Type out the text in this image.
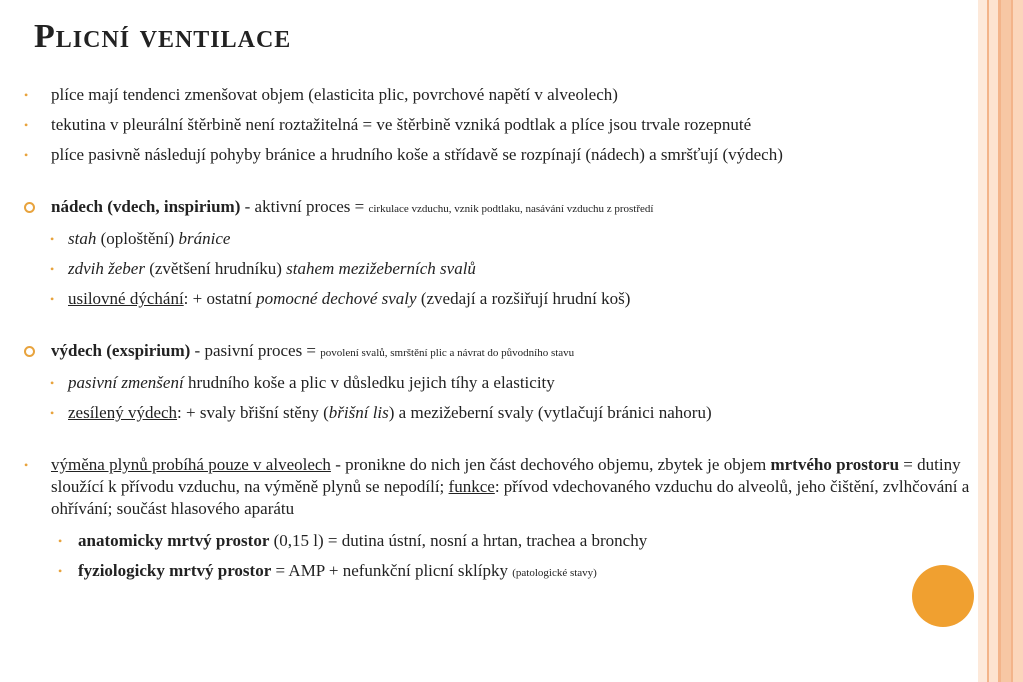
Plicní ventilace
• plíce mají tendenci zmenšovat objem (elasticita plic, povrchové napětí v alveolech)
• tekutina v pleurální štěrbině není roztažitelná = ve štěrbině vzniká podtlak a plíce jsou trvale rozepnuté
• plíce pasivně následují pohyby bránice a hrudního koše a střídavě se rozpínají (nádech) a smršťují (výdech)
nádech (vdech, inspirium) - aktivní proces = cirkulace vzduchu, vznik podtlaku, nasávání vzduchu z prostředí
• stah (oploštění) bránice
• zdvih žeber (zvětšení hrudníku) stahem mezižeberních svalů
• usilovné dýchání: + ostatní pomocné dechové svaly (zvedají a rozšiřují hrudní koš)
výdech (exspirium) - pasivní proces = povolení svalů, smrštění plic a návrat do původního stavu
• pasivní zmenšení hrudního koše a plic v důsledku jejich tíhy a elasticity
• zesílený výdech: + svaly břišní stěny (břišní lis) a mezižeberní svaly (vytlačují bránici nahoru)
• výměna plynů probíhá pouze v alveolech - pronikne do nich jen část dechového objemu, zbytek je objem mrtvého prostoru = dutiny sloužící k přívodu vzduchu, na výměně plynů se nepodílí; funkce: přívod vdechovaného vzduchu do alveolů, jeho čištění, zvlhčování a ohřívání; součást hlasového aparátu
• anatomicky mrtvý prostor (0,15 l) = dutina ústní, nosní a hrtan, trachea a bronchy
• fyziologicky mrtvý prostor = AMP + nefunkční plicní sklípky (patologické stavy)
